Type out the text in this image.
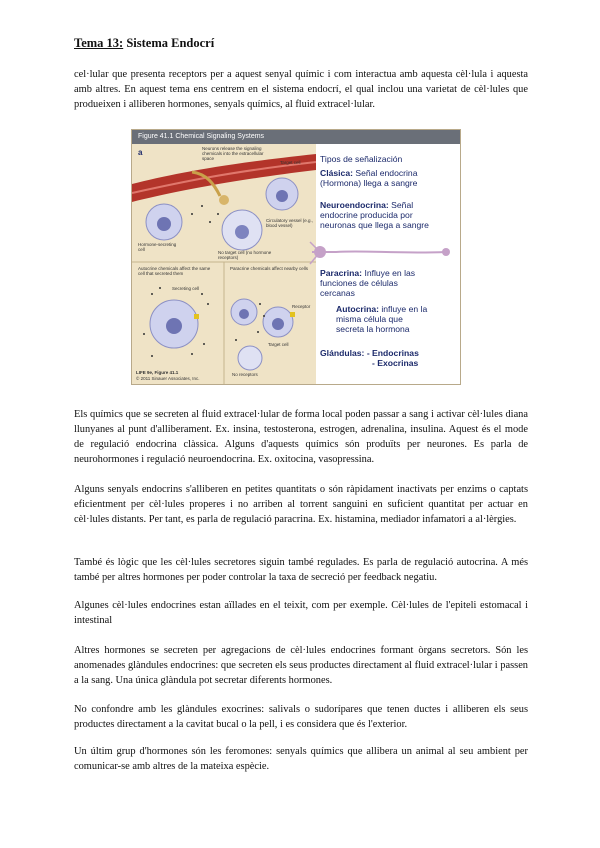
Tema 13: Sistema Endocrí

cel·lular que presenta receptors per a aquest senyal químic i com interactua amb aquesta cèl·lula i aquesta amb altres. En aquest tema ens centrem en el sistema endocrí, el qual inclou una varietat de cèl·lules que produeixen i alliberen hormones, senyals químics, al fluid extracel·lular.

Figure 41.1 Chemical Signaling Systems
a	Neurons release the signaling chemicals into the extracellular space
Target cell
Hormone-secreting cell
Circulatory vessel (e.g., blood vessel)
No target cell (no hormone receptors)
Autocrine chemicals affect the same cell that secreted them
Paracrine chemicals affect nearby cells
Secreting cell
Receptor
Target cell
No receptors
LIFE 9e, Figure 41.1
© 2011 Sinauer Associates, Inc.
Tipos de señalización
Clásica: Señal endocrina
(Hormona) llega a sangre
Neuroendocrina: Señal
endocrine producida por
neuronas que llega a sangre
Paracrina: Influye en las
funciones de células
cercanas
Autocrina: influye en la
misma célula que
secreta la hormona
Glándulas: - Endocrinas
- Exocrinas

Els químics que se secreten al fluid extracel·lular de forma local poden passar a sang i activar cèl·lules diana llunyanes al punt d'alliberament. Ex. insina, testosterona, estrogen, adrenalina, insulina. Aquest és el mode de regulació endocrina clàssica. Alguns d'aquests químics són produïts per neurones. Es parla de neurohormones i regulació neuroendocrina. Ex. oxitocina, vasopressina.

Alguns senyals endocrins s'alliberen en petites quantitats o són ràpidament inactivats per enzims o captats eficientment per cèl·lules properes i no arriben al torrent sanguini en suficient quantitat per actuar en cèl·lules distants. Per tant, es parla de regulació paracrina. Ex. histamina, mediador infamatori a al·lèrgies.

També és lògic que les cèl·lules secretores siguin també regulades. Es parla de regulació autocrina. A més també per altres hormones per poder controlar la taxa de secreció per feedback negatiu.

Algunes cèl·lules endocrines estan aïllades en el teixit, com per exemple. Cèl·lules de l'epiteli estomacal i intestinal

Altres hormones se secreten per agregacions de cèl·lules endocrines formant òrgans secretors. Són les anomenades glàndules endocrines: que secreten els seus productes directament al fluid extracel·lular i passen a la sang. Una única glàndula pot secretar diferents hormones.

No confondre amb les glàndules exocrines: salivals o sudorípares que tenen ductes i alliberen els seus productes directament a la cavitat bucal o la pell, i es considera que és l'exterior.

Un últim grup d'hormones són les feromones: senyals químics que allibera un animal al seu ambient per comunicar-se amb altres de la mateixa espècie.
